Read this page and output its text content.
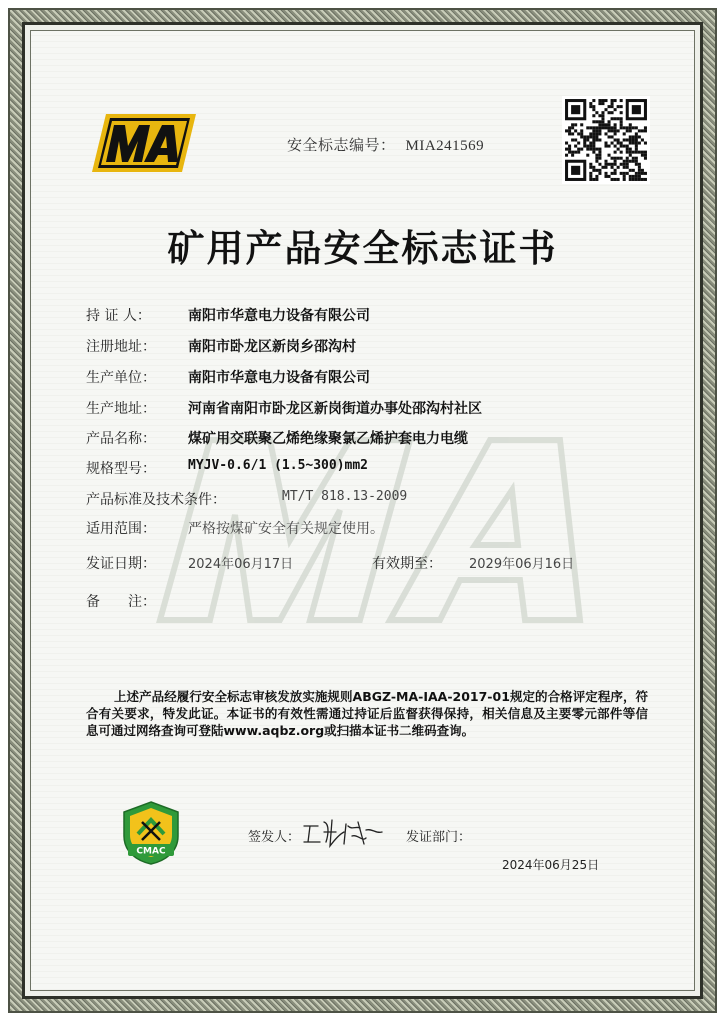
安全标志编号： MIA241569
矿用产品安全标志证书
持 证 人：	南阳市华意电力设备有限公司
注册地址： 南阳市卧龙区新岗乡邵沟村
生产单位： 南阳市华意电力设备有限公司
生产地址： 河南省南阳市卧龙区新岗街道办事处邵沟村社区
产品名称： 煤矿用交联聚乙烯绝缘聚氯乙烯护套电力电缆
规格型号： MYJV-0.6/1 (1.5~300)mm2
产品标准及技术条件：	MT/T 818.13-2009
适用范围： 严格按煤矿安全有关规定使用。
发证日期： 2024年06月17日	有效期至： 2029年06月16日
备　　注：
上述产品经履行安全标志审核发放实施规则ABGZ-MA-IAA-2017-01规定的合格评定程序，符合有关要求，特发此证。本证书的有效性需通过持证后监督获得保持，相关信息及主要零元部件等信息可通过网络查询可登陆www.aqbz.org或扫描本证书二维码查询。
CMAC
签发人：	发证部门：
2024年06月25日
